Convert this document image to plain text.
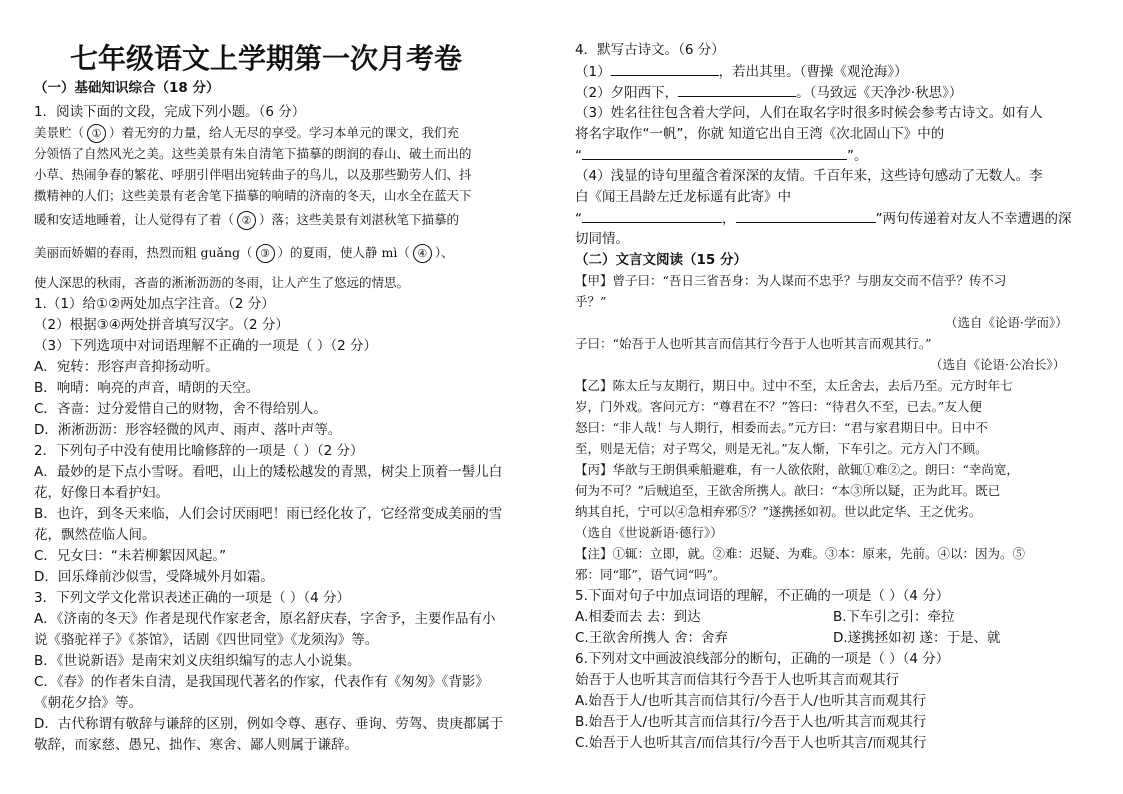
七年级语文上学期第一次月考卷
（一）基础知识综合（18 分）
1．阅读下面的文段，完成下列小题。（6 分）
美景贮（ ① ）着无穷的力量，给人无尽的享受。学习本单元的课文，我们充
分领悟了自然风光之美。这些美景有朱自清笔下描摹的朗润的春山、破土而出的
小草、热闹争春的繁花、呼朋引伴唱出宛转曲子的鸟儿，以及那些勤劳人们、抖
擞精神的人们；这些美景有老舍笔下描摹的响晴的济南的冬天，山水全在蓝天下
暖和安适地睡着，让人觉得有了着（ ② ）落；这些美景有刘湛秋笔下描摹的
美丽而娇媚的春雨，热烈而粗 guǎng（ ③ ）的夏雨，使人静 mì（ ④ ）、
使人深思的秋雨，吝啬的淅淅沥沥的冬雨，让人产生了悠远的情思。
1.（1）给①②两处加点字注音。（2 分）
（2）根据③④两处拼音填写汉字。（2 分）
（3）下列选项中对词语理解不正确的一项是（ ）（2 分）
A．宛转：形容声音抑扬动听。
B．响晴：响亮的声音，晴朗的天空。
C．吝啬：过分爱惜自己的财物，舍不得给别人。
D．淅淅沥沥：形容轻微的风声、雨声、落叶声等。
2．下列句子中没有使用比喻修辞的一项是（ ）（2 分）
A．最妙的是下点小雪呀。看吧，山上的矮松越发的青黑，树尖上顶着一髻儿白
花，好像日本看护妇。
B．也许，到冬天来临，人们会讨厌雨吧！雨已经化妆了，它经常变成美丽的雪
花，飘然莅临人间。
C．兄女曰：“未若柳絮因风起。”
D．回乐烽前沙似雪，受降城外月如霜。
3．下列文学文化常识表述正确的一项是（ ）（4 分）
A．《济南的冬天》作者是现代作家老舍，原名舒庆春，字舍予，主要作品有小
说《骆驼祥子》《茶馆》，话剧《四世同堂》《龙须沟》等。
B．《世说新语》是南宋刘义庆组织编写的志人小说集。
C．《春》的作者朱自清，是我国现代著名的作家，代表作有《匆匆》《背影》
《朝花夕拾》等。
D．古代称谓有敬辞与谦辞的区别，例如令尊、惠存、垂询、劳驾、贵庚都属于
敬辞，而家慈、愚兄、拙作、寒舍、鄙人则属于谦辞。
4．默写古诗文。（6 分）
（1）	，若出其里。（曹操《观沧海》）
（2）夕阳西下，	。（马致远《天净沙·秋思》）
（3）姓名往往包含着大学问，人们在取名字时很多时候会参考古诗文。如有人
将名字取作“一帆”，你就 知道它出自王湾《次北固山下》中的
“	”。
（4）浅显的诗句里蕴含着深深的友情。千百年来，这些诗句感动了无数人。李
白《闻王昌龄左迁龙标遥有此寄》中
“	，	”两句传递着对友人不幸遭遇的深
切同情。
（二）文言文阅读（15 分）
【甲】曾子曰：“吾日三省吾身：为人谋而不忠乎？与朋友交而不信乎？传不习
乎？”
（选自《论语·学而》）
子曰：“始吾于人也听其言而信其行今吾于人也听其言而观其行。”
（选自《论语·公冶长》）
【乙】陈太丘与友期行，期日中。过中不至，太丘舍去，去后乃至。元方时年七
岁，门外戏。客问元方：“尊君在不？”答曰：“待君久不至，已去。”友人便
怒曰：“非人哉！与人期行，相委而去。”元方曰：“君与家君期日中。日中不
至，则是无信；对子骂父，则是无礼。”友人惭，下车引之。元方入门不顾。
【丙】华歆与王朗俱乘船避难，有一人欲依附，歆辄①难②之。朗曰：“幸尚宽，
何为不可？”后贼追至，王欲舍所携人。歆曰：“本③所以疑，正为此耳。既已
纳其自托，宁可以④急相弃邪⑤？”遂携拯如初。世以此定华、王之优劣。
（选自《世说新语·德行》）
【注】①辄：立即，就。②难：迟疑、为难。③本：原来，先前。④以：因为。⑤
邪：同“耶”，语气词“吗”。
5.下面对句子中加点词语的理解，不正确的一项是（ ）（4 分）
A.相委而去 去：到达	B.下车引之引：牵拉
C.王欲舍所携人 舍：舍弃	D.遂携拯如初 遂：于是、就
6.下列对文中画波浪线部分的断句，正确的一项是（ ）（4 分）
始吾于人也听其言而信其行今吾于人也听其言而观其行
A.始吾于人/也听其言而信其行/今吾于人/也听其言而观其行
B.始吾于人/也听其言而信其行/今吾于人也/听其言而观其行
C.始吾于人也听其言/而信其行/今吾于人也听其言/而观其行
